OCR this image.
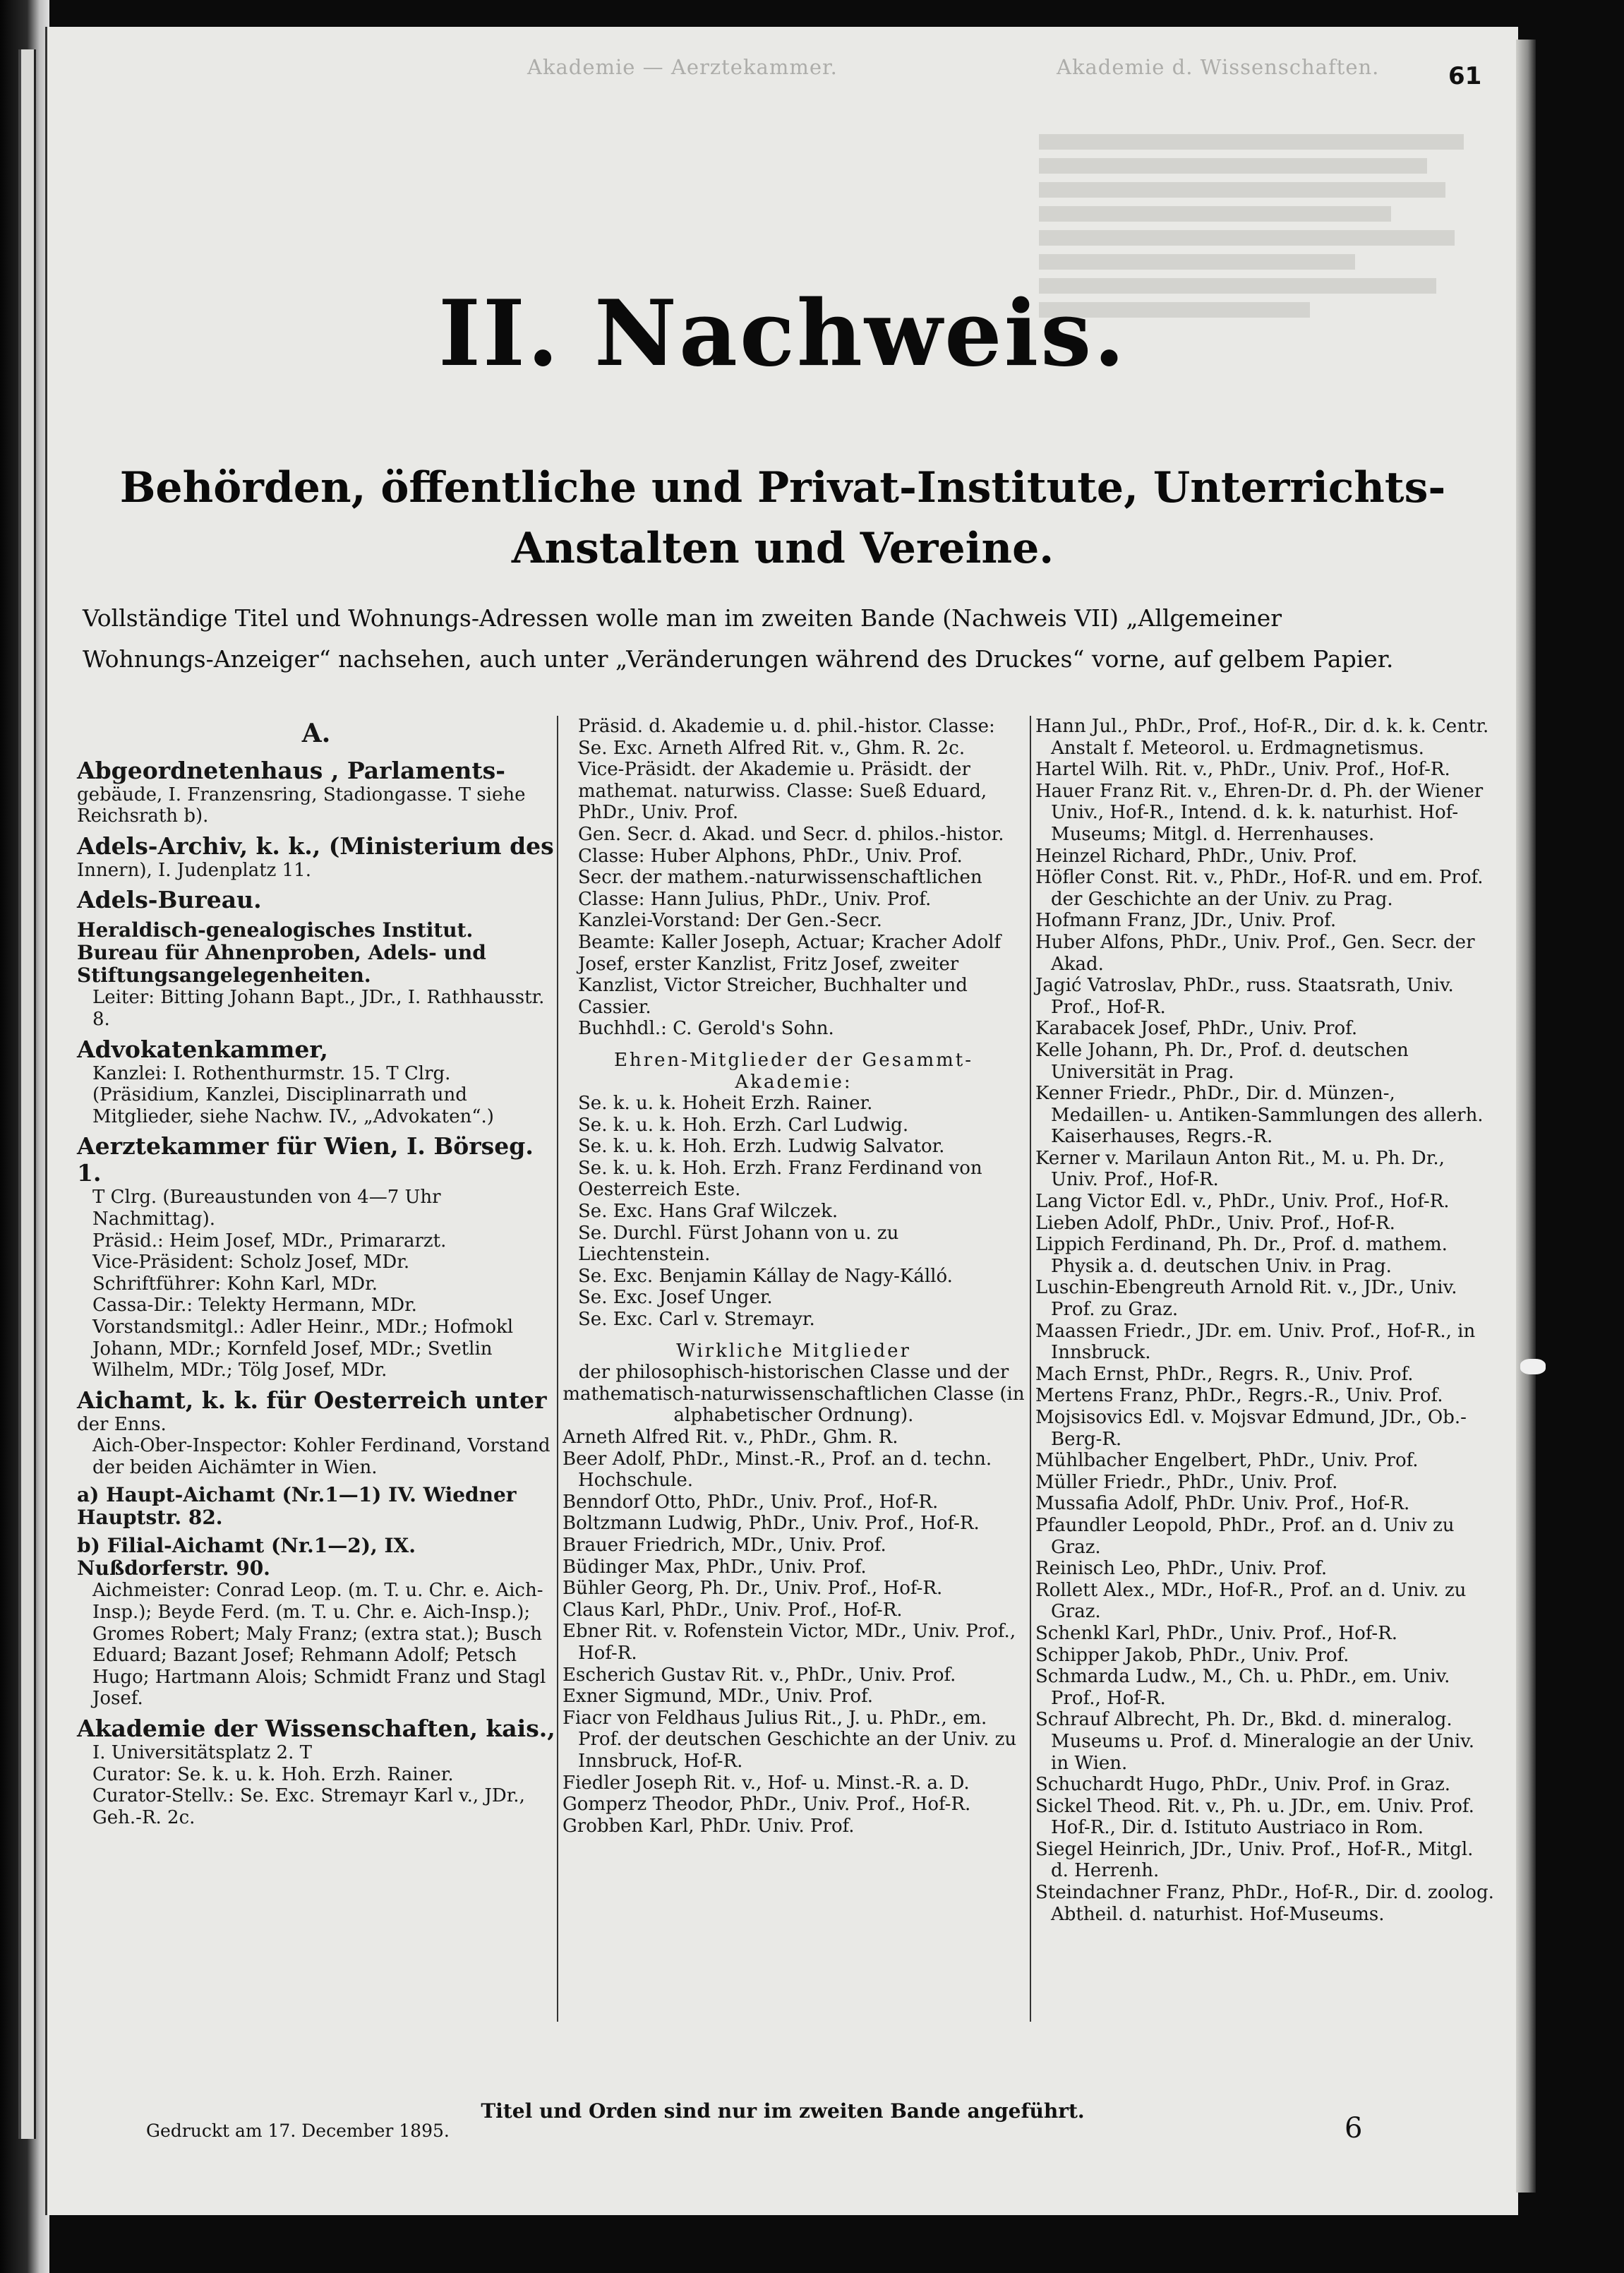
Akademie — Aerztekammer.	Akademie d. Wissenschaften.	61
II. Nachweis.
Behörden, öffentliche und Privat-Institute, Unterrichts-
Anstalten und Vereine.
Vollständige Titel und Wohnungs-Adressen wolle man im zweiten Bande (Nachweis VII) „Allgemeiner
Wohnungs-Anzeiger“ nachsehen, auch unter „Veränderungen während des Druckes“ vorne, auf gelbem Papier.

A.

Abgeordnetenhaus , Parlaments-

gebäude, I. Franzensring, Stadiongasse. T siehe Reichsrath b).

Adels-Archiv, k. k., (Ministerium des

Innern), I. Judenplatz 11.

Adels-Bureau.

Heraldisch-genealogisches Institut. Bureau für Ahnenproben, Adels- und Stiftungsangelegenheiten.

Leiter: Bitting Johann Bapt., JDr., I. Rathhausstr. 8.

Advokatenkammer,

Kanzlei: I. Rothenthurmstr. 15. T Clrg.

(Präsidium, Kanzlei, Disciplinarrath und Mitglieder, siehe Nachw. IV., „Advokaten“.)

Aerztekammer für Wien, I. Börseg. 1.

T Clrg. (Bureaustunden von 4—7 Uhr Nachmittag).

Präsid.: Heim Josef, MDr., Primararzt.

Vice-Präsident: Scholz Josef, MDr.

Schriftführer: Kohn Karl, MDr.

Cassa-Dir.: Telekty Hermann, MDr.

Vorstandsmitgl.: Adler Heinr., MDr.; Hofmokl Johann, MDr.; Kornfeld Josef, MDr.; Svetlin Wilhelm, MDr.; Tölg Josef, MDr.

Aichamt, k. k. für Oesterreich unter

der Enns.

Aich-Ober-Inspector: Kohler Ferdinand, Vorstand der beiden Aichämter in Wien.

a) Haupt-Aichamt (Nr.1—1) IV. Wiedner Hauptstr. 82.

b) Filial-Aichamt (Nr.1—2), IX. Nußdorferstr. 90.

Aichmeister: Conrad Leop. (m. T. u. Chr. e. Aich-Insp.); Beyde Ferd. (m. T. u. Chr. e. Aich-Insp.); Gromes Robert; Maly Franz; (extra stat.); Busch Eduard; Bazant Josef; Rehmann Adolf; Petsch Hugo; Hartmann Alois; Schmidt Franz und Stagl Josef.

Akademie der Wissenschaften, kais.,

I. Universitätsplatz 2. T

Curator: Se. k. u. k. Hoh. Erzh. Rainer.

Curator-Stellv.: Se. Exc. Stremayr Karl v., JDr., Geh.-R. 2c.

Präsid. d. Akademie u. d. phil.-histor. Classe: Se. Exc. Arneth Alfred Rit. v., Ghm. R. 2c.

Vice-Präsidt. der Akademie u. Präsidt. der mathemat. naturwiss. Classe: Sueß Eduard, PhDr., Univ. Prof.

Gen. Secr. d. Akad. und Secr. d. philos.-histor. Classe: Huber Alphons, PhDr., Univ. Prof.

Secr. der mathem.-naturwissenschaftlichen Classe: Hann Julius, PhDr., Univ. Prof.

Kanzlei-Vorstand: Der Gen.-Secr.

Beamte: Kaller Joseph, Actuar; Kracher Adolf Josef, erster Kanzlist, Fritz Josef, zweiter Kanzlist, Victor Streicher, Buchhalter und Cassier.

Buchhdl.: C. Gerold's Sohn.

Ehren-Mitglieder der Gesammt-Akademie:

Se. k. u. k. Hoheit Erzh. Rainer.

Se. k. u. k. Hoh. Erzh. Carl Ludwig.

Se. k. u. k. Hoh. Erzh. Ludwig Salvator.

Se. k. u. k. Hoh. Erzh. Franz Ferdinand von Oesterreich Este.

Se. Exc. Hans Graf Wilczek.

Se. Durchl. Fürst Johann von u. zu Liechtenstein.

Se. Exc. Benjamin Kállay de Nagy-Kálló.

Se. Exc. Josef Unger.

Se. Exc. Carl v. Stremayr.

Wirkliche Mitglieder

der philosophisch-historischen Classe und der mathematisch-naturwissenschaftlichen Classe (in alphabetischer Ordnung).

Arneth Alfred Rit. v., PhDr., Ghm. R.

Beer Adolf, PhDr., Minst.-R., Prof. an d. techn. Hochschule.

Benndorf Otto, PhDr., Univ. Prof., Hof-R.

Boltzmann Ludwig, PhDr., Univ. Prof., Hof-R.

Brauer Friedrich, MDr., Univ. Prof.

Büdinger Max, PhDr., Univ. Prof.

Bühler Georg, Ph. Dr., Univ. Prof., Hof-R.

Claus Karl, PhDr., Univ. Prof., Hof-R.

Ebner Rit. v. Rofenstein Victor, MDr., Univ. Prof., Hof-R.

Escherich Gustav Rit. v., PhDr., Univ. Prof.

Exner Sigmund, MDr., Univ. Prof.

Fiacr von Feldhaus Julius Rit., J. u. PhDr., em. Prof. der deutschen Geschichte an der Univ. zu Innsbruck, Hof-R.

Fiedler Joseph Rit. v., Hof- u. Minst.-R. a. D.

Gomperz Theodor, PhDr., Univ. Prof., Hof-R.

Grobben Karl, PhDr. Univ. Prof.

Hann Jul., PhDr., Prof., Hof-R., Dir. d. k. k. Centr. Anstalt f. Meteorol. u. Erdmagnetismus.

Hartel Wilh. Rit. v., PhDr., Univ. Prof., Hof-R.

Hauer Franz Rit. v., Ehren-Dr. d. Ph. der Wiener Univ., Hof-R., Intend. d. k. k. naturhist. Hof-Museums; Mitgl. d. Herrenhauses.

Heinzel Richard, PhDr., Univ. Prof.

Höfler Const. Rit. v., PhDr., Hof-R. und em. Prof. der Geschichte an der Univ. zu Prag.

Hofmann Franz, JDr., Univ. Prof.

Huber Alfons, PhDr., Univ. Prof., Gen. Secr. der Akad.

Jagić Vatroslav, PhDr., russ. Staatsrath, Univ. Prof., Hof-R.

Karabacek Josef, PhDr., Univ. Prof.

Kelle Johann, Ph. Dr., Prof. d. deutschen Universität in Prag.

Kenner Friedr., PhDr., Dir. d. Münzen-, Medaillen- u. Antiken-Sammlungen des allerh. Kaiserhauses, Regrs.-R.

Kerner v. Marilaun Anton Rit., M. u. Ph. Dr., Univ. Prof., Hof-R.

Lang Victor Edl. v., PhDr., Univ. Prof., Hof-R.

Lieben Adolf, PhDr., Univ. Prof., Hof-R.

Lippich Ferdinand, Ph. Dr., Prof. d. mathem. Physik a. d. deutschen Univ. in Prag.

Luschin-Ebengreuth Arnold Rit. v., JDr., Univ. Prof. zu Graz.

Maassen Friedr., JDr. em. Univ. Prof., Hof-R., in Innsbruck.

Mach Ernst, PhDr., Regrs. R., Univ. Prof.

Mertens Franz, PhDr., Regrs.-R., Univ. Prof.

Mojsisovics Edl. v. Mojsvar Edmund, JDr., Ob.-Berg-R.

Mühlbacher Engelbert, PhDr., Univ. Prof.

Müller Friedr., PhDr., Univ. Prof.

Mussafia Adolf, PhDr. Univ. Prof., Hof-R.

Pfaundler Leopold, PhDr., Prof. an d. Univ zu Graz.

Reinisch Leo, PhDr., Univ. Prof.

Rollett Alex., MDr., Hof-R., Prof. an d. Univ. zu Graz.

Schenkl Karl, PhDr., Univ. Prof., Hof-R.

Schipper Jakob, PhDr., Univ. Prof.

Schmarda Ludw., M., Ch. u. PhDr., em. Univ. Prof., Hof-R.

Schrauf Albrecht, Ph. Dr., Bkd. d. mineralog. Museums u. Prof. d. Mineralogie an der Univ. in Wien.

Schuchardt Hugo, PhDr., Univ. Prof. in Graz.

Sickel Theod. Rit. v., Ph. u. JDr., em. Univ. Prof. Hof-R., Dir. d. Istituto Austriaco in Rom.

Siegel Heinrich, JDr., Univ. Prof., Hof-R., Mitgl. d. Herrenh.

Steindachner Franz, PhDr., Hof-R., Dir. d. zoolog. Abtheil. d. naturhist. Hof-Museums.

Titel und Orden sind nur im zweiten Bande angeführt.
Gedruckt am 17. December 1895.	6
